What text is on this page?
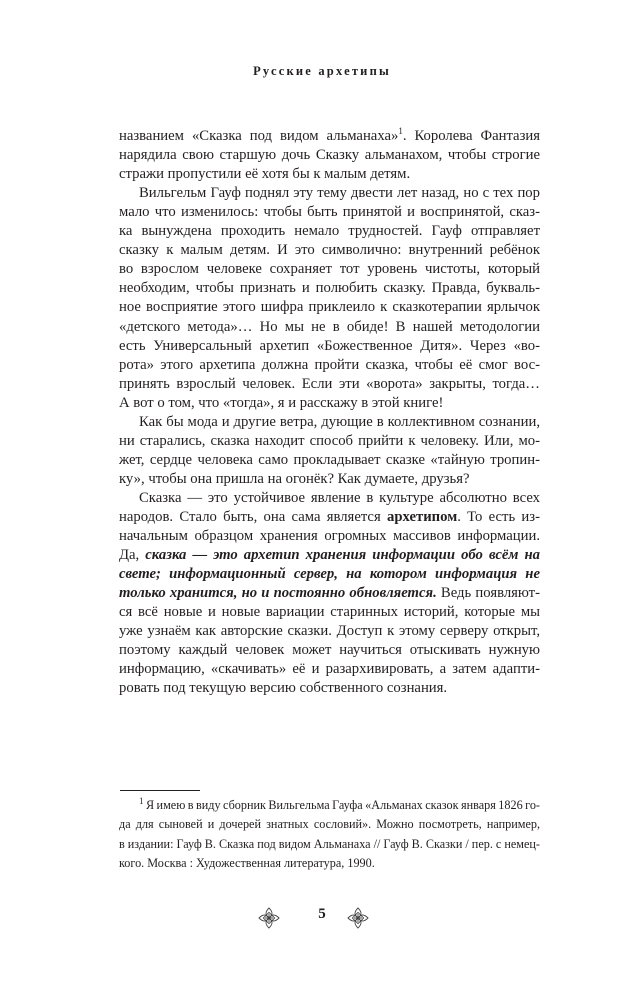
Русские архетипы
названием «Сказка под видом альманаха»$^1$. Королева Фантазия
нарядила свою старшую дочь Сказку альманахом, чтобы строгие
стражи пропустили её хотя бы к малым детям.
Вильгельм Гауф поднял эту тему двести лет назад, но с тех пор
мало что изменилось: чтобы быть принятой и воспринятой, сказ-
ка вынуждена проходить немало трудностей. Гауф отправляет
сказку к малым детям. И это символично: внутренний ребёнок
во взрослом человеке сохраняет тот уровень чистоты, который
необходим, чтобы признать и полюбить сказку. Правда, букваль-
ное восприятие этого шифра приклеило к сказкотерапии ярлычок
«детского метода»… Но мы не в обиде! В нашей методологии
есть Универсальный архетип «Божественное Дитя». Через «во-
рота» этого архетипа должна пройти сказка, чтобы её смог вос-
принять взрослый человек. Если эти «ворота» закрыты, тогда…
А вот о том, что «тогда», я и расскажу в этой книге!
Как бы мода и другие ветра, дующие в коллективном сознании,
ни старались, сказка находит способ прийти к человеку. Или, мо-
жет, сердце человека само прокладывает сказке «тайную тропин-
ку», чтобы она пришла на огонёк? Как думаете, друзья?
Сказка — это устойчивое явление в культуре абсолютно всех
народов. Стало быть, она сама является архетипом. То есть из-
начальным образцом хранения огромных массивов информации.
Да, сказка — это архетип хранения информации обо всём на
свете; информационный сервер, на котором информация не
только хранится, но и постоянно обновляется. Ведь появляют-
ся всё новые и новые вариации старинных историй, которые мы
уже узнаём как авторские сказки. Доступ к этому серверу открыт,
поэтому каждый человек может научиться отыскивать нужную
информацию, «скачивать» её и разархивировать, а затем адапти-
ровать под текущую версию собственного сознания.
$^1$ Я имею в виду сборник Вильгельма Гауфа «Альманах сказок января 1826 го-
да для сыновей и дочерей знатных сословий». Можно посмотреть, например,
в издании: Гауф В. Сказка под видом Альманаха // Гауф В. Сказки / пер. с немец-
кого. Москва : Художественная литература, 1990.
5
